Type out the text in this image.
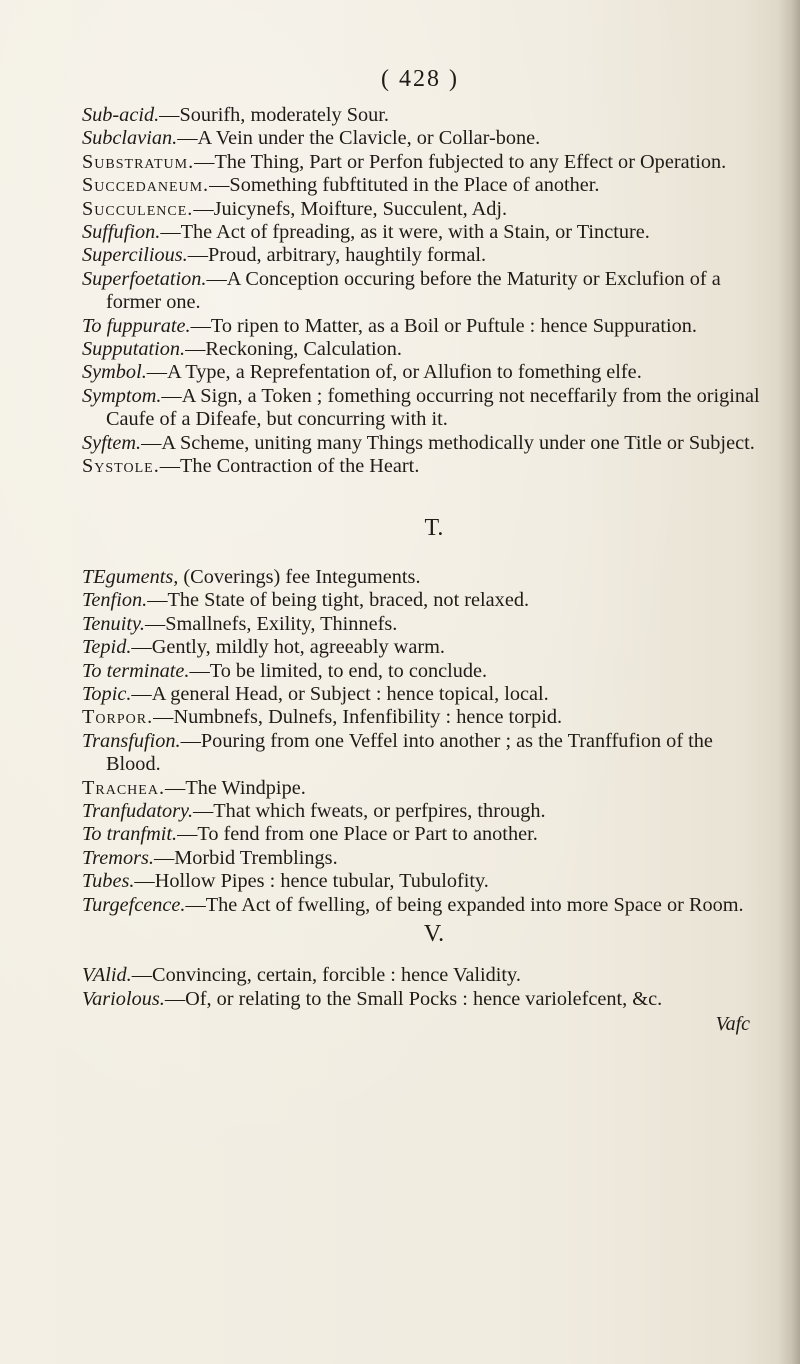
( 428 )

Sub-acid.—Sourifh, moderately Sour.

Subclavian.—A Vein under the Clavicle, or Collar-bone.

Substratum.—The Thing, Part or Perfon fubjected to any Effect or Operation.

Succedaneum.—Something fubftituted in the Place of another.

Succulence.—Juicynefs, Moifture, Succulent, Adj.

Suffufion.—The Act of fpreading, as it were, with a Stain, or Tincture.

Supercilious.—Proud, arbitrary, haughtily formal.

Superfoetation.—A Conception occuring before the Maturity or Exclufion of a former one.

To fuppurate.—To ripen to Matter, as a Boil or Puftule : hence Suppuration.

Supputation.—Reckoning, Calculation.

Symbol.—A Type, a Reprefentation of, or Allufion to fomething elfe.

Symptom.—A Sign, a Token ; fomething occurring not neceffarily from the original Caufe of a Difeafe, but concurring with it.

Syftem.—A Scheme, uniting many Things methodically under one Title or Subject.

Systole.—The Contraction of the Heart.

T.

TEguments, (Coverings) fee Integuments.

Tenfion.—The State of being tight, braced, not relaxed.

Tenuity.—Smallnefs, Exility, Thinnefs.

Tepid.—Gently, mildly hot, agreeably warm.

To terminate.—To be limited, to end, to conclude.

Topic.—A general Head, or Subject : hence topical, local.

Torpor.—Numbnefs, Dulnefs, Infenfibility : hence torpid.

Transfufion.—Pouring from one Veffel into another ; as the Tranffufion of the Blood.

Trachea.—The Windpipe.

Tranfudatory.—That which fweats, or perfpires, through.

To tranfmit.—To fend from one Place or Part to another.

Tremors.—Morbid Tremblings.

Tubes.—Hollow Pipes : hence tubular, Tubulofity.

Turgefcence.—The Act of fwelling, of being expanded into more Space or Room.

V.

VAlid.—Convincing, certain, forcible : hence Validity.

Variolous.—Of, or relating to the Small Pocks : hence variolefcent, &c.

Vafc
